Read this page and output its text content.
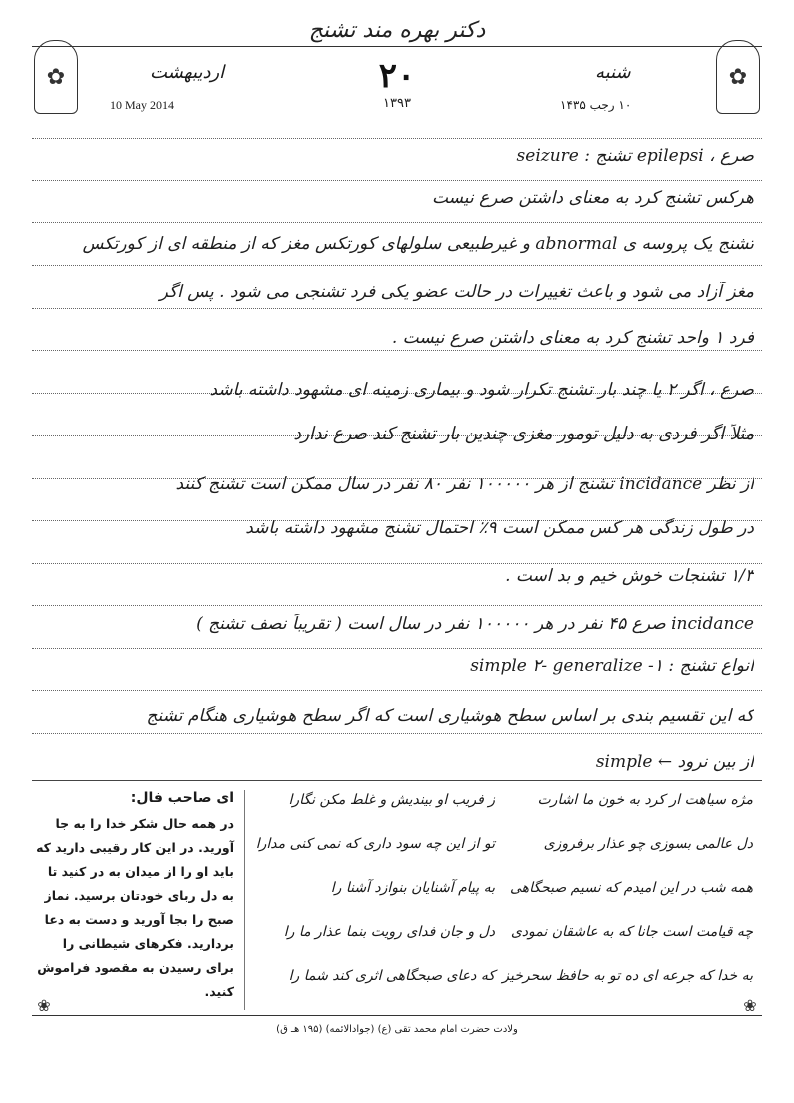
دکتر بهره مند تشنج
✿	✿
اردیبهشت	۲۰	شنبه
10 May 2014	۱۳۹۳	۱۰ رجب ۱۴۳۵
صرع ، epilepsi تشنج : seizure
هرکس تشنج کرد به معنای داشتن صرع نیست
تشنج یک پروسه ی abnormal و غیرطبیعی سلولهای کورتکس مغز که از منطقه ای از کورتکس
مغز آزاد می شود و باعث تغییرات در حالت عضو یکی فرد تشنجی می شود . پس اگر
فرد ۱ واحد تشنج کرد به معنای داشتن صرع نیست .
صرع ، اگر ۲ یا چند بار تشنج تکرار شود و بیماری زمینه ای مشهود داشته باشد
مثلاً اگر فردی به دلیل تومور مغزی چندین بار تشنج کند صرع ندارد
از نظر incidance تشنج از هر ۱۰۰۰۰۰ نفر ۸۰ نفر در سال ممکن است تشنج کنند
در طول زندگی هر کس ممکن است ۹٪ احتمال تشنج مشهود داشته باشد
۱/۳ تشنجات خوش خیم و بد است .
incidance صرع ۴۵ نفر در هر ۱۰۰۰۰۰ نفر در سال است ( تقریباً نصف تشنج )
انواع تشنج : ۱- simple ۲- generalize
که این تقسیم بندی بر اساس سطح هوشیاری است که اگر سطح هوشیاری هنگام تشنج
از بین نرود ← simple
ای صاحب فال:
در همه حال شکر خدا را به جا آورید. در این کار رقیبی دارید که باید او را از میدان به در کنید تا به دل ربای خودتان برسید. نماز صبح را بجا آورید و دست به دعا بردارید. فکرهای شیطانی را برای رسیدن به مقصود فراموش کنید.
مژه سیاهت ار کرد به خون ما اشارت
ز فریب او بیندیش و غلط مکن نگارا
دل عالمی بسوزی چو عذار برفروزی
تو از این چه سود داری که نمی کنی مدارا
همه شب در این امیدم که نسیم صبحگاهی
به پیام آشنایان بنوازد آشنا را
چه قیامت است جانا که به عاشقان نمودی
دل و جان فدای رویت بنما عذار ما را
به خدا که جرعه ای ده تو به حافظ سحرخیز
که دعای صبحگاهی اثری کند شما را
❀	❀
ولادت حضرت امام محمد تقی (ع) (جوادالائمه) (۱۹۵ هـ ق)
